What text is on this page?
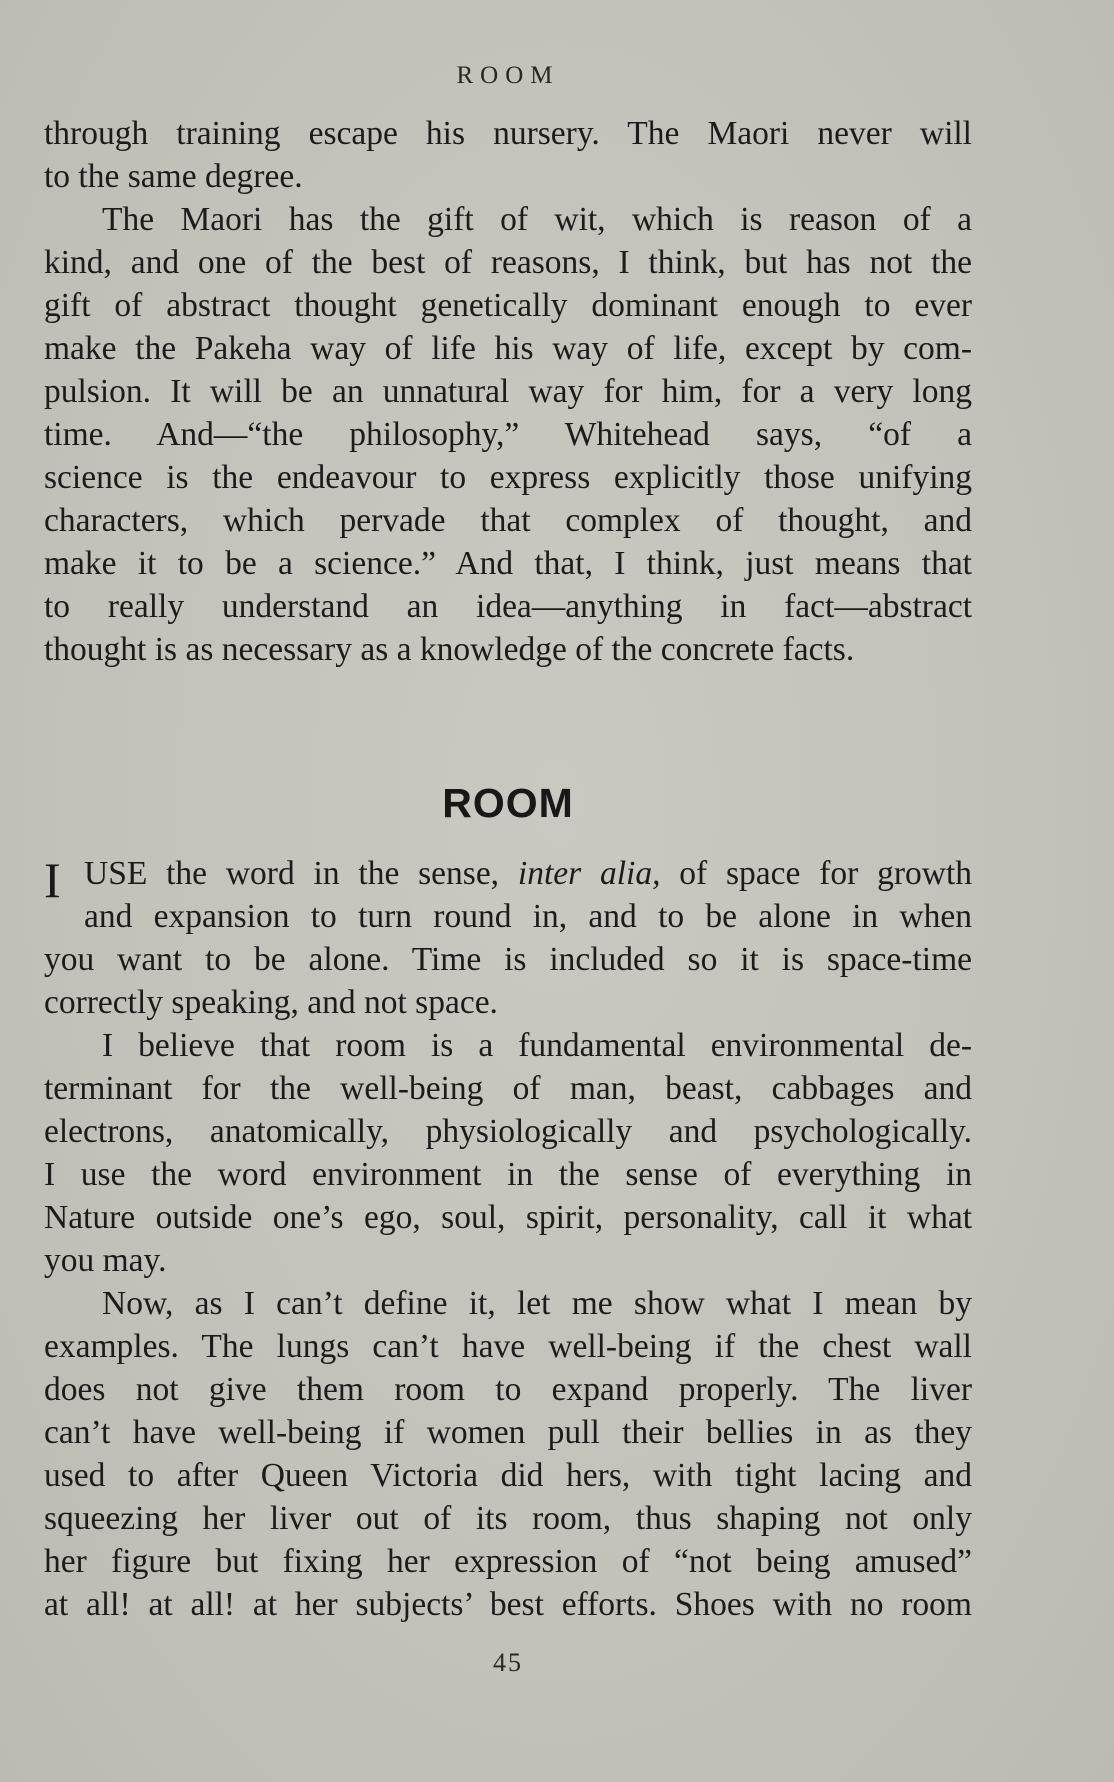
ROOM
through training escape his nursery. The Maori never will
to the same degree.
The Maori has the gift of wit, which is reason of a
kind, and one of the best of reasons, I think, but has not the
gift of abstract thought genetically dominant enough to ever
make the Pakeha way of life his way of life, except by com-
pulsion. It will be an unnatural way for him, for a very long
time. And—“the philosophy,” Whitehead says, “of a
science is the endeavour to express explicitly those unifying
characters, which pervade that complex of thought, and
make it to be a science.” And that, I think, just means that
to really understand an idea—anything in fact—abstract
thought is as necessary as a knowledge of the concrete facts.
ROOM
I USE the word in the sense, inter alia, of space for growth
and expansion to turn round in, and to be alone in when
you want to be alone. Time is included so it is space-time
correctly speaking, and not space.
I believe that room is a fundamental environmental de-
terminant for the well-being of man, beast, cabbages and
electrons, anatomically, physiologically and psychologically.
I use the word environment in the sense of everything in
Nature outside one’s ego, soul, spirit, personality, call it what
you may.
Now, as I can’t define it, let me show what I mean by
examples. The lungs can’t have well-being if the chest wall
does not give them room to expand properly. The liver
can’t have well-being if women pull their bellies in as they
used to after Queen Victoria did hers, with tight lacing and
squeezing her liver out of its room, thus shaping not only
her figure but fixing her expression of “not being amused”
at all! at all! at her subjects’ best efforts. Shoes with no room
45
